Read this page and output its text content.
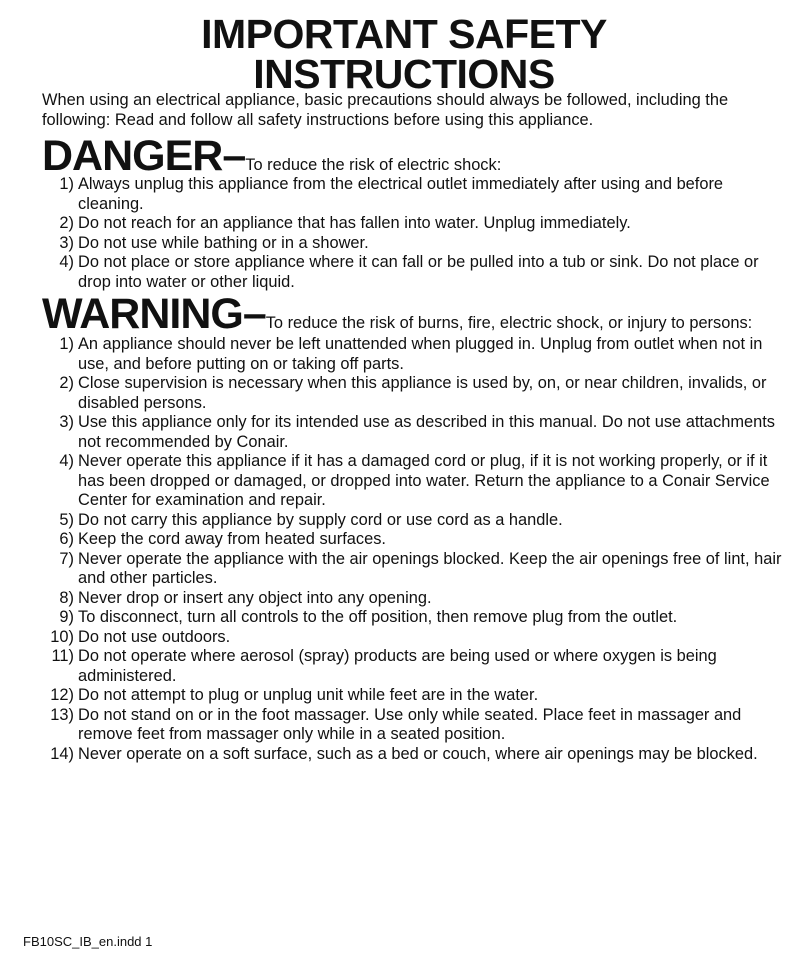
IMPORTANT SAFETY
INSTRUCTIONS
When using an electrical appliance, basic precautions should always be followed, including the following: Read and follow all safety instructions before using this appliance.
DANGER–To reduce the risk of electric shock:
1) Always unplug this appliance from the electrical outlet immediately after using and before cleaning.
2) Do not reach for an appliance that has fallen into water. Unplug immediately.
3) Do not use while bathing or in a shower.
4) Do not place or store appliance where it can fall or be pulled into a tub or sink. Do not place or drop into water or other liquid.
WARNING–To reduce the risk of burns, fire, electric shock, or injury to persons:
1) An appliance should never be left unattended when plugged in. Unplug from outlet when not in use, and before putting on or taking off parts.
2) Close supervision is necessary when this appliance is used by, on, or near children, invalids, or disabled persons.
3) Use this appliance only for its intended use as described in this manual. Do not use attachments not recommended by Conair.
4) Never operate this appliance if it has a damaged cord or plug, if it is not working properly, or if it has been dropped or damaged, or dropped into water. Return the appliance to a Conair Service Center for examination and repair.
5) Do not carry this appliance by supply cord or use cord as a handle.
6) Keep the cord away from heated surfaces.
7) Never operate the appliance with the air openings blocked. Keep the air openings free of lint, hair and other particles.
8) Never drop or insert any object into any opening.
9) To disconnect, turn all controls to the off position, then remove plug from the outlet.
10) Do not use outdoors.
11) Do not operate where aerosol (spray) products are being used or where oxygen is being administered.
12) Do not attempt to plug or unplug unit while feet are in the water.
13) Do not stand on or in the foot massager. Use only while seated. Place feet in massager and remove feet from massager only while in a seated position.
14) Never operate on a soft surface, such as a bed or couch, where air openings may be blocked.
FB10SC_IB_en.indd 1
